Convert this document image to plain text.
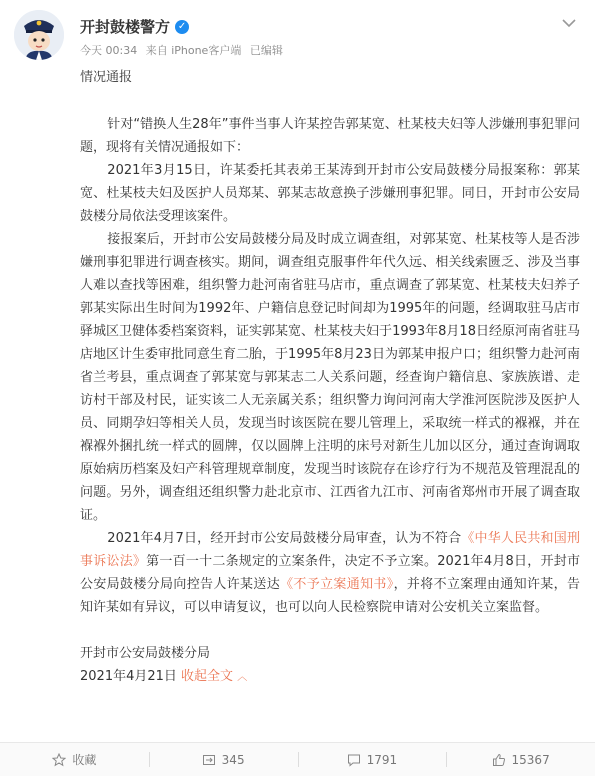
开封鼓楼警方 ✓
今天 00:34 来自 iPhone客户端 已编辑

情况通报

针对“错换人生28年”事件当事人许某控告郭某宽、杜某枝夫妇等人涉嫌刑事犯罪问题，现将有关情况通报如下：

2021年3月15日，许某委托其表弟王某涛到开封市公安局鼓楼分局报案称：郭某宽、杜某枝夫妇及医护人员郑某、郭某志故意换子涉嫌刑事犯罪。同日，开封市公安局鼓楼分局依法受理该案件。

接报案后，开封市公安局鼓楼分局及时成立调查组，对郭某宽、杜某枝等人是否涉嫌刑事犯罪进行调查核实。期间，调查组克服事件年代久远、相关线索匮乏、涉及当事人难以查找等困难，组织警力赴河南省驻马店市，重点调查了郭某宽、杜某枝夫妇养子郭某实际出生时间为1992年、户籍信息登记时间却为1995年的问题，经调取驻马店市驿城区卫健体委档案资料，证实郭某宽、杜某枝夫妇于1993年8月18日经原河南省驻马店地区计生委审批同意生育二胎，于1995年8月23日为郭某申报户口；组织警力赴河南省兰考县，重点调查了郭某宽与郭某志二人关系问题，经查询户籍信息、家族族谱、走访村干部及村民，证实该二人无亲属关系；组织警力询问河南大学淮河医院涉及医护人员、同期孕妇等相关人员，发现当时该医院在婴儿管理上，采取统一样式的褓褓，并在褓褓外捆扎统一样式的圆牌，仅以圆牌上注明的床号对新生儿加以区分，通过查询调取原始病历档案及妇产科管理规章制度，发现当时该院存在诊疗行为不规范及管理混乱的问题。另外，调查组还组织警力赴北京市、江西省九江市、河南省郑州市开展了调查取证。

2021年4月7日，经开封市公安局鼓楼分局审查，认为不符合《中华人民共和国刑事诉讼法》第一百一十二条规定的立案条件，决定不予立案。2021年4月8日，开封市公安局鼓楼分局向控告人许某送达《不予立案通知书》，并将不立案理由通知许某，告知许某如有异议，可以申请复议，也可以向人民检察院申请对公安机关立案监督。

开封市公安局鼓楼分局

2021年4月21日 收起全文 ︿

收藏	345	1791	15367
